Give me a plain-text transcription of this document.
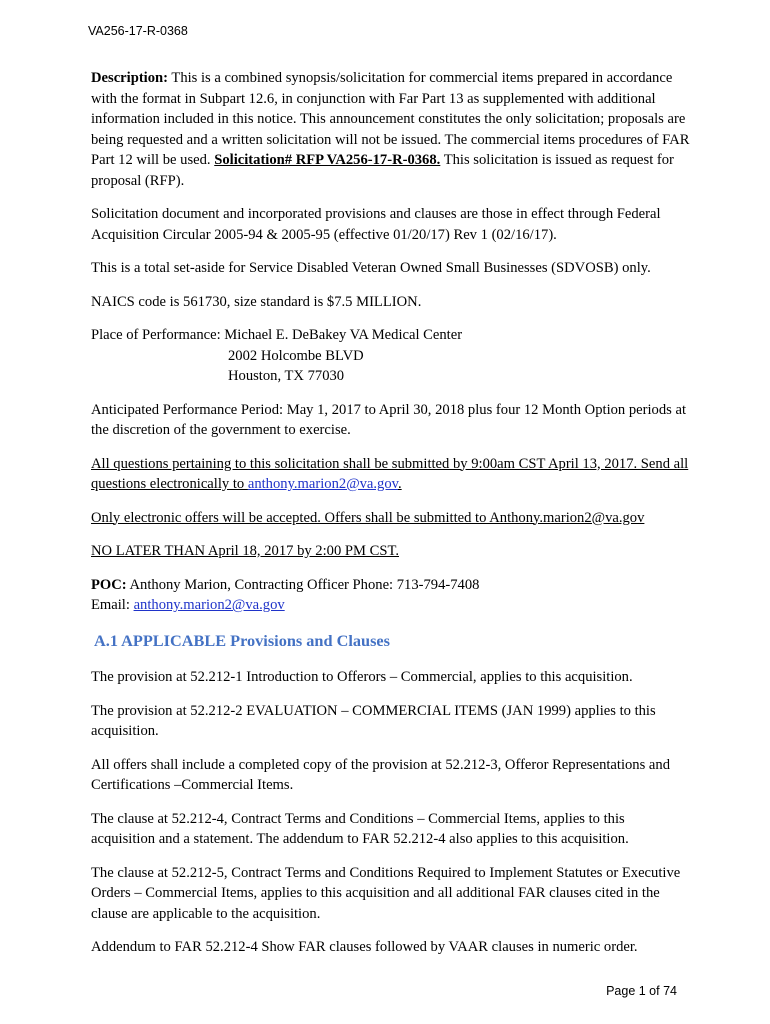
VA256-17-R-0368

Description: This is a combined synopsis/solicitation for commercial items prepared in accordance with the format in Subpart 12.6, in conjunction with Far Part 13 as supplemented with additional information included in this notice. This announcement constitutes the only solicitation; proposals are being requested and a written solicitation will not be issued. The commercial items procedures of FAR Part 12 will be used. Solicitation# RFP VA256-17-R-0368. This solicitation is issued as request for proposal (RFP).

Solicitation document and incorporated provisions and clauses are those in effect through Federal Acquisition Circular 2005-94 & 2005-95 (effective 01/20/17) Rev 1 (02/16/17).

This is a total set-aside for Service Disabled Veteran Owned Small Businesses (SDVOSB) only.

NAICS code is 561730, size standard is $7.5 MILLION.

Place of Performance: Michael E. DeBakey VA Medical Center

2002 Holcombe BLVD

Houston, TX 77030

Anticipated Performance Period: May 1, 2017 to April 30, 2018 plus four 12 Month Option periods at the discretion of the government to exercise.

All questions pertaining to this solicitation shall be submitted by 9:00am CST April 13, 2017. Send all questions electronically to anthony.marion2@va.gov.

Only electronic offers will be accepted. Offers shall be submitted to Anthony.marion2@va.gov

NO LATER THAN April 18, 2017 by 2:00 PM CST.

POC: Anthony Marion, Contracting Officer Phone: 713-794-7408

Email: anthony.marion2@va.gov

A.1 APPLICABLE Provisions and Clauses

The provision at 52.212-1 Introduction to Offerors – Commercial, applies to this acquisition.

The provision at 52.212-2 EVALUATION – COMMERCIAL ITEMS (JAN 1999) applies to this acquisition.

All offers shall include a completed copy of the provision at 52.212-3, Offeror Representations and Certifications –Commercial Items.

The clause at 52.212-4, Contract Terms and Conditions – Commercial Items, applies to this acquisition and a statement. The addendum to FAR 52.212-4 also applies to this acquisition.

The clause at 52.212-5, Contract Terms and Conditions Required to Implement Statutes or Executive Orders – Commercial Items, applies to this acquisition and all additional FAR clauses cited in the clause are applicable to the acquisition.

Addendum to FAR 52.212-4 Show FAR clauses followed by VAAR clauses in numeric order.

Page 1 of 74
